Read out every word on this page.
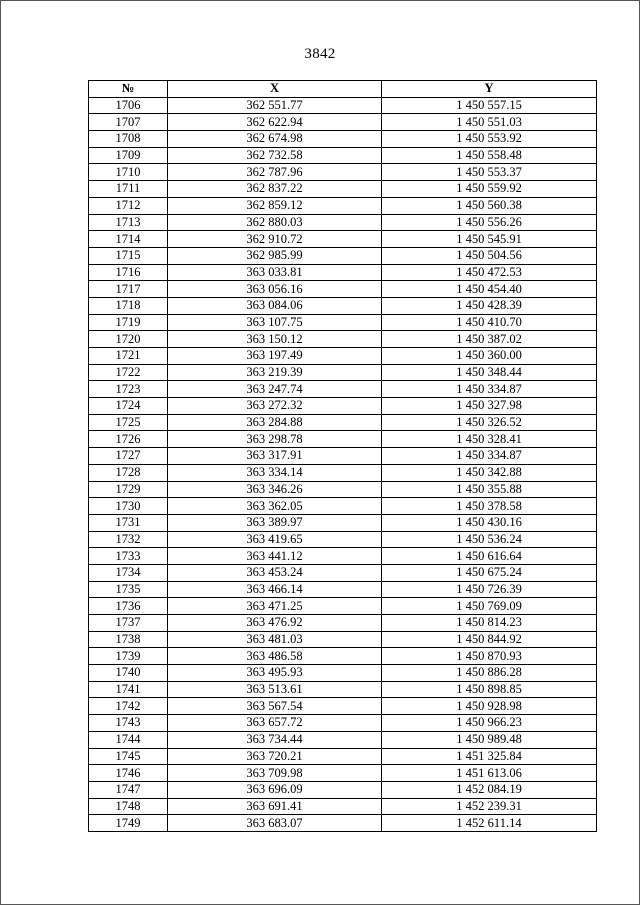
3842
№	X	Y
1706	362 551.77	1 450 557.15
1707	362 622.94	1 450 551.03
1708	362 674.98	1 450 553.92
1709	362 732.58	1 450 558.48
1710	362 787.96	1 450 553.37
1711	362 837.22	1 450 559.92
1712	362 859.12	1 450 560.38
1713	362 880.03	1 450 556.26
1714	362 910.72	1 450 545.91
1715	362 985.99	1 450 504.56
1716	363 033.81	1 450 472.53
1717	363 056.16	1 450 454.40
1718	363 084.06	1 450 428.39
1719	363 107.75	1 450 410.70
1720	363 150.12	1 450 387.02
1721	363 197.49	1 450 360.00
1722	363 219.39	1 450 348.44
1723	363 247.74	1 450 334.87
1724	363 272.32	1 450 327.98
1725	363 284.88	1 450 326.52
1726	363 298.78	1 450 328.41
1727	363 317.91	1 450 334.87
1728	363 334.14	1 450 342.88
1729	363 346.26	1 450 355.88
1730	363 362.05	1 450 378.58
1731	363 389.97	1 450 430.16
1732	363 419.65	1 450 536.24
1733	363 441.12	1 450 616.64
1734	363 453.24	1 450 675.24
1735	363 466.14	1 450 726.39
1736	363 471.25	1 450 769.09
1737	363 476.92	1 450 814.23
1738	363 481.03	1 450 844.92
1739	363 486.58	1 450 870.93
1740	363 495.93	1 450 886.28
1741	363 513.61	1 450 898.85
1742	363 567.54	1 450 928.98
1743	363 657.72	1 450 966.23
1744	363 734.44	1 450 989.48
1745	363 720.21	1 451 325.84
1746	363 709.98	1 451 613.06
1747	363 696.09	1 452 084.19
1748	363 691.41	1 452 239.31
1749	363 683.07	1 452 611.14
